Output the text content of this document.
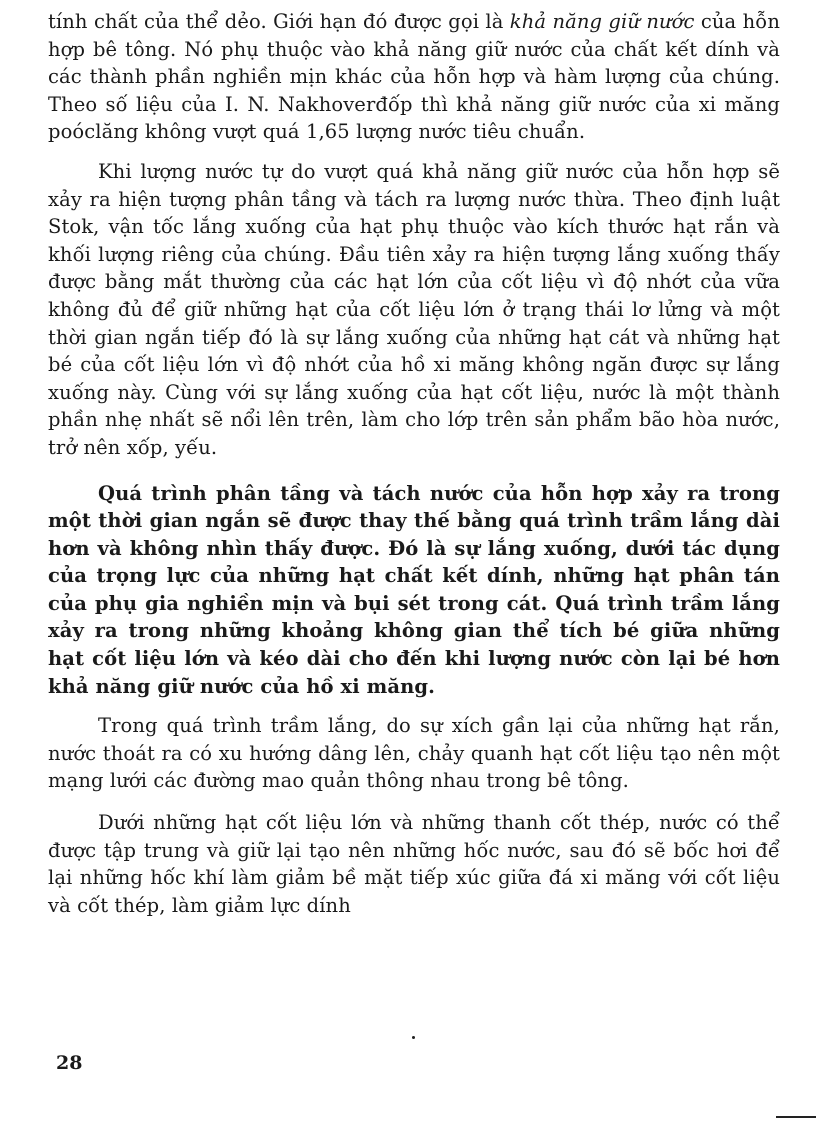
tính chất của thể dẻo. Giới hạn đó được gọi là khả năng giữ nước của hỗn hợp bê tông. Nó phụ thuộc vào khả năng giữ nước của chất kết dính và các thành phần nghiền mịn khác của hỗn hợp và hàm lượng của chúng. Theo số liệu của I. N. Nakhoverđốp thì khả năng giữ nước của xi măng poóclăng không vượt quá 1,65 lượng nước tiêu chuẩn.

Khi lượng nước tự do vượt quá khả năng giữ nước của hỗn hợp sẽ xảy ra hiện tượng phân tầng và tách ra lượng nước thừa. Theo định luật Stok, vận tốc lắng xuống của hạt phụ thuộc vào kích thước hạt rắn và khối lượng riêng của chúng. Đầu tiên xảy ra hiện tượng lắng xuống thấy được bằng mắt thường của các hạt lớn của cốt liệu vì độ nhớt của vữa không đủ để giữ những hạt của cốt liệu lớn ở trạng thái lơ lửng và một thời gian ngắn tiếp đó là sự lắng xuống của những hạt cát và những hạt bé của cốt liệu lớn vì độ nhớt của hồ xi măng không ngăn được sự lắng xuống này. Cùng với sự lắng xuống của hạt cốt liệu, nước là một thành phần nhẹ nhất sẽ nổi lên trên, làm cho lớp trên sản phẩm bão hòa nước, trở nên xốp, yếu.

Quá trình phân tầng và tách nước của hỗn hợp xảy ra trong một thời gian ngắn sẽ được thay thế bằng quá trình trầm lắng dài hơn và không nhìn thấy được. Đó là sự lắng xuống, dưới tác dụng của trọng lực của những hạt chất kết dính, những hạt phân tán của phụ gia nghiền mịn và bụi sét trong cát. Quá trình trầm lắng xảy ra trong những khoảng không gian thể tích bé giữa những hạt cốt liệu lớn và kéo dài cho đến khi lượng nước còn lại bé hơn khả năng giữ nước của hồ xi măng.

Trong quá trình trầm lắng, do sự xích gần lại của những hạt rắn, nước thoát ra có xu hướng dâng lên, chảy quanh hạt cốt liệu tạo nên một mạng lưới các đường mao quản thông nhau trong bê tông.

Dưới những hạt cốt liệu lớn và những thanh cốt thép, nước có thể được tập trung và giữ lại tạo nên những hốc nước, sau đó sẽ bốc hơi để lại những hốc khí làm giảm bề mặt tiếp xúc giữa đá xi măng với cốt liệu và cốt thép, làm giảm lực dính

28
